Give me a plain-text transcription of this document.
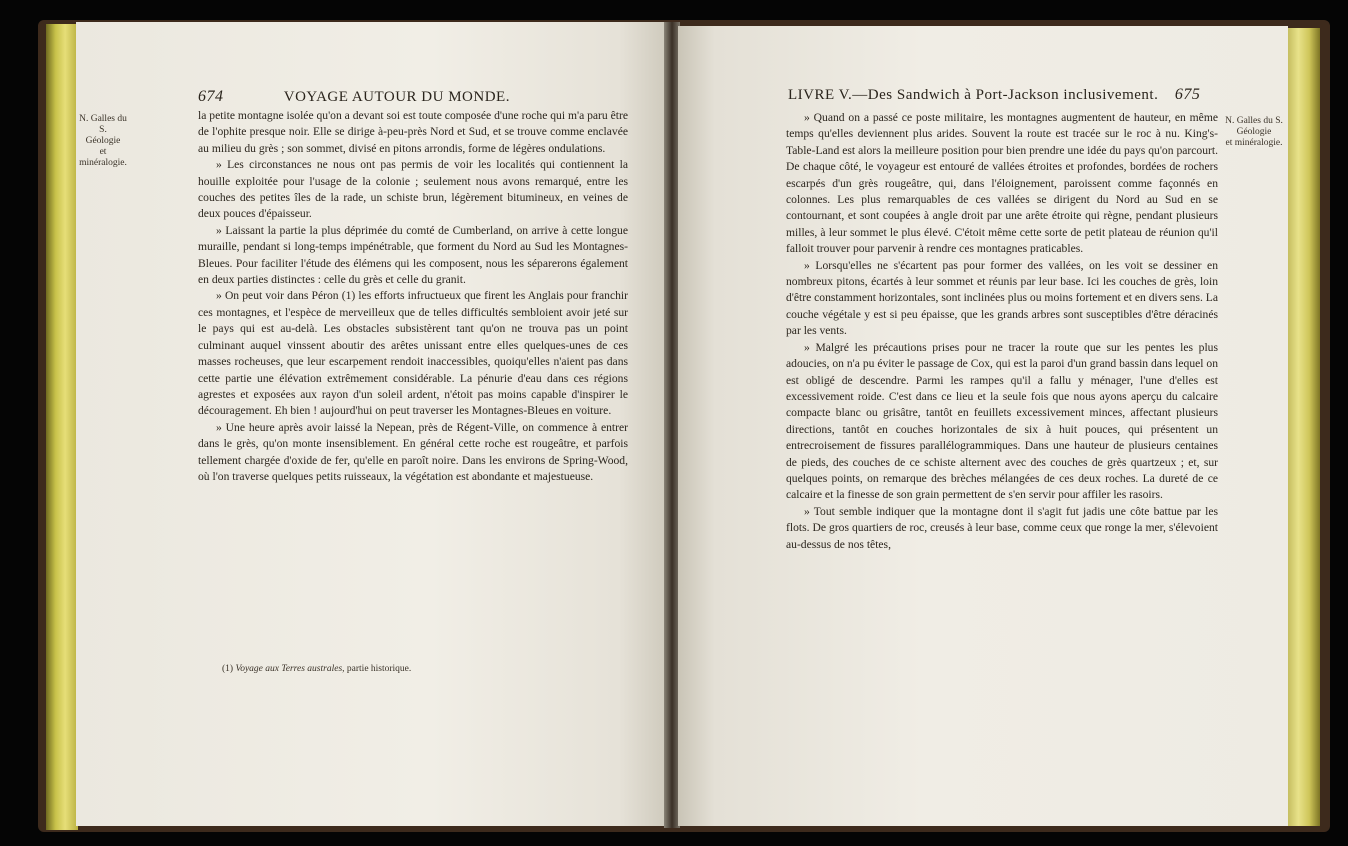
674	VOYAGE AUTOUR DU MONDE.
N. Galles du S.
Géologie
et minéralogie.

la petite montagne isolée qu'on a devant soi est toute composée d'une roche qui m'a paru être de l'ophite presque noir. Elle se dirige à-peu-près Nord et Sud, et se trouve comme enclavée au milieu du grès ; son sommet, divisé en pitons arrondis, forme de légères ondulations.

» Les circonstances ne nous ont pas permis de voir les localités qui contiennent la houille exploitée pour l'usage de la colonie ; seulement nous avons remarqué, entre les couches des petites îles de la rade, un schiste brun, légèrement bitumineux, en veines de deux pouces d'épaisseur.

» Laissant la partie la plus déprimée du comté de Cumberland, on arrive à cette longue muraille, pendant si long-temps impénétrable, que forment du Nord au Sud les Montagnes-Bleues. Pour faciliter l'étude des élémens qui les composent, nous les séparerons également en deux parties distinctes : celle du grès et celle du granit.

» On peut voir dans Péron (1) les efforts infructueux que firent les Anglais pour franchir ces montagnes, et l'espèce de merveilleux que de telles difficultés sembloient avoir jeté sur le pays qui est au-delà. Les obstacles subsistèrent tant qu'on ne trouva pas un point culminant auquel vinssent aboutir des arêtes unissant entre elles quelques-unes de ces masses rocheuses, que leur escarpement rendoit inaccessibles, quoiqu'elles n'aient pas dans cette partie une élévation extrêmement considérable. La pénurie d'eau dans ces régions agrestes et exposées aux rayon d'un soleil ardent, n'étoit pas moins capable d'inspirer le découragement. Eh bien ! aujourd'hui on peut traverser les Montagnes-Bleues en voiture.

» Une heure après avoir laissé la Nepean, près de Régent-Ville, on commence à entrer dans le grès, qu'on monte insensiblement. En général cette roche est rougeâtre, et parfois tellement chargée d'oxide de fer, qu'elle en paroît noire. Dans les environs de Spring-Wood, où l'on traverse quelques petits ruisseaux, la végétation est abondante et majestueuse.

(1) Voyage aux Terres australes, partie historique.
LIVRE V.—Des Sandwich à Port-Jackson inclusivement. 675

» Quand on a passé ce poste militaire, les montagnes augmentent de hauteur, en même temps qu'elles deviennent plus arides. Souvent la route est tracée sur le roc à nu. King's-Table-Land est alors la meilleure position pour bien prendre une idée du pays qu'on parcourt. De chaque côté, le voyageur est entouré de vallées étroites et profondes, bordées de rochers escarpés d'un grès rougeâtre, qui, dans l'éloignement, paroissent comme façonnés en colonnes. Les plus remarquables de ces vallées se dirigent du Nord au Sud en se contournant, et sont coupées à angle droit par une arête étroite qui règne, pendant plusieurs milles, à leur sommet le plus élevé. C'étoit même cette sorte de petit plateau de réunion qu'il falloit trouver pour parvenir à rendre ces montagnes praticables.

» Lorsqu'elles ne s'écartent pas pour former des vallées, on les voit se dessiner en nombreux pitons, écartés à leur sommet et réunis par leur base. Ici les couches de grès, loin d'être constamment horizontales, sont inclinées plus ou moins fortement et en divers sens. La couche végétale y est si peu épaisse, que les grands arbres sont susceptibles d'être déracinés par les vents.

» Malgré les précautions prises pour ne tracer la route que sur les pentes les plus adoucies, on n'a pu éviter le passage de Cox, qui est la paroi d'un grand bassin dans lequel on est obligé de descendre. Parmi les rampes qu'il a fallu y ménager, l'une d'elles est excessivement roide. C'est dans ce lieu et la seule fois que nous ayons aperçu du calcaire compacte blanc ou grisâtre, tantôt en feuillets excessivement minces, affectant plusieurs directions, tantôt en couches horizontales de six à huit pouces, qui présentent un entrecroisement de fissures parallélogrammiques. Dans une hauteur de plusieurs centaines de pieds, des couches de ce schiste alternent avec des couches de grès quartzeux ; et, sur quelques points, on remarque des brèches mélangées de ces deux roches. La dureté de ce calcaire et la finesse de son grain permettent de s'en servir pour affiler les rasoirs.

» Tout semble indiquer que la montagne dont il s'agit fut jadis une côte battue par les flots. De gros quartiers de roc, creusés à leur base, comme ceux que ronge la mer, s'élevoient au-dessus de nos têtes,

N. Galles du S.
Géologie
et minéralogie.
